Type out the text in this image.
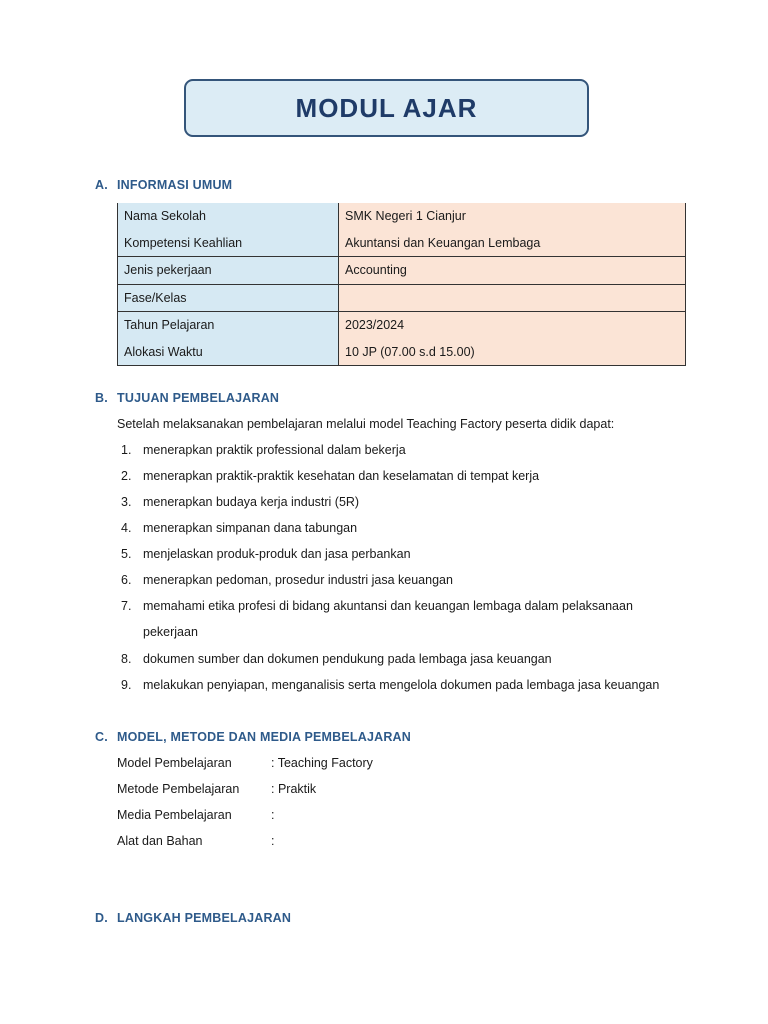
MODUL AJAR
A. INFORMASI UMUM
Nama Sekolah	SMK Negeri 1 Cianjur
Kompetensi Keahlian	Akuntansi dan Keuangan Lembaga
Jenis pekerjaan	Accounting
Fase/Kelas	
Tahun Pelajaran	2023/2024
Alokasi Waktu	10 JP (07.00 s.d 15.00)
B. TUJUAN PEMBELAJARAN
Setelah melaksanakan pembelajaran melalui model Teaching Factory peserta didik dapat:
1. menerapkan praktik professional dalam bekerja
2. menerapkan praktik-praktik kesehatan dan keselamatan di tempat kerja
3. menerapkan budaya kerja industri (5R)
4. menerapkan simpanan dana tabungan
5. menjelaskan produk-produk dan jasa perbankan
6. menerapkan pedoman, prosedur industri jasa keuangan
7. memahami etika profesi di bidang akuntansi dan keuangan lembaga dalam pelaksanaan
pekerjaan
8. dokumen sumber dan dokumen pendukung pada lembaga jasa keuangan
9. melakukan penyiapan, menganalisis serta mengelola dokumen pada lembaga jasa keuangan
C. MODEL, METODE DAN MEDIA PEMBELAJARAN
Model Pembelajaran	: Teaching Factory
Metode Pembelajaran	: Praktik
Media Pembelajaran	:
Alat dan Bahan	:
D. LANGKAH PEMBELAJARAN
